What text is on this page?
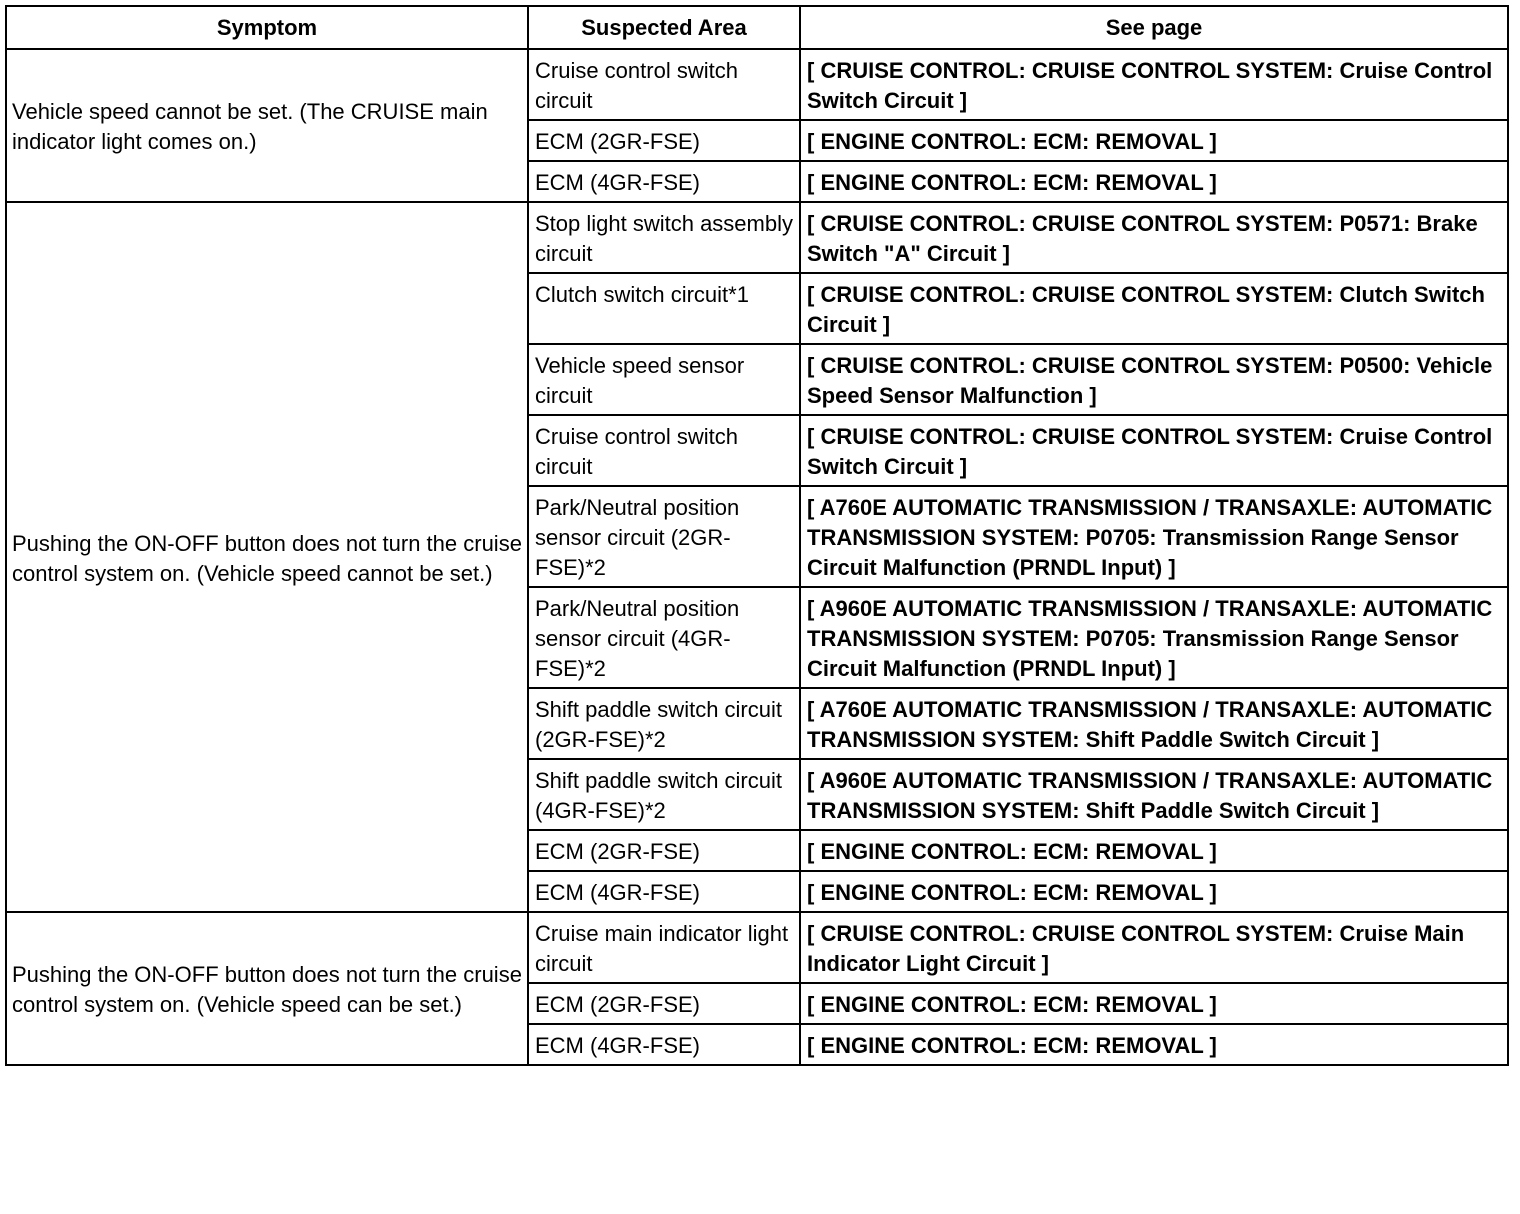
Symptom	Suspected Area	See page
Vehicle speed cannot be set. (The CRUISE main indicator light comes on.)	Cruise control switch circuit	[ CRUISE CONTROL: CRUISE CONTROL SYSTEM: Cruise Control Switch Circuit ]
	ECM (2GR-FSE)	[ ENGINE CONTROL: ECM: REMOVAL ]
	ECM (4GR-FSE)	[ ENGINE CONTROL: ECM: REMOVAL ]
Pushing the ON-OFF button does not turn the cruise control system on. (Vehicle speed cannot be set.)	Stop light switch assembly circuit	[ CRUISE CONTROL: CRUISE CONTROL SYSTEM: P0571: Brake Switch "A" Circuit ]
	Clutch switch circuit*1	[ CRUISE CONTROL: CRUISE CONTROL SYSTEM: Clutch Switch Circuit ]
	Vehicle speed sensor circuit	[ CRUISE CONTROL: CRUISE CONTROL SYSTEM: P0500: Vehicle Speed Sensor Malfunction ]
	Cruise control switch circuit	[ CRUISE CONTROL: CRUISE CONTROL SYSTEM: Cruise Control Switch Circuit ]
	Park/Neutral position sensor circuit (2GR-FSE)*2	[ A760E AUTOMATIC TRANSMISSION / TRANSAXLE: AUTOMATIC TRANSMISSION SYSTEM: P0705: Transmission Range Sensor Circuit Malfunction (PRNDL Input) ]
	Park/Neutral position sensor circuit (4GR-FSE)*2	[ A960E AUTOMATIC TRANSMISSION / TRANSAXLE: AUTOMATIC TRANSMISSION SYSTEM: P0705: Transmission Range Sensor Circuit Malfunction (PRNDL Input) ]
	Shift paddle switch circuit (2GR-FSE)*2	[ A760E AUTOMATIC TRANSMISSION / TRANSAXLE: AUTOMATIC TRANSMISSION SYSTEM: Shift Paddle Switch Circuit ]
	Shift paddle switch circuit (4GR-FSE)*2	[ A960E AUTOMATIC TRANSMISSION / TRANSAXLE: AUTOMATIC TRANSMISSION SYSTEM: Shift Paddle Switch Circuit ]
	ECM (2GR-FSE)	[ ENGINE CONTROL: ECM: REMOVAL ]
	ECM (4GR-FSE)	[ ENGINE CONTROL: ECM: REMOVAL ]
Pushing the ON-OFF button does not turn the cruise control system on. (Vehicle speed can be set.)	Cruise main indicator light circuit	[ CRUISE CONTROL: CRUISE CONTROL SYSTEM: Cruise Main Indicator Light Circuit ]
	ECM (2GR-FSE)	[ ENGINE CONTROL: ECM: REMOVAL ]
	ECM (4GR-FSE)	[ ENGINE CONTROL: ECM: REMOVAL ]
